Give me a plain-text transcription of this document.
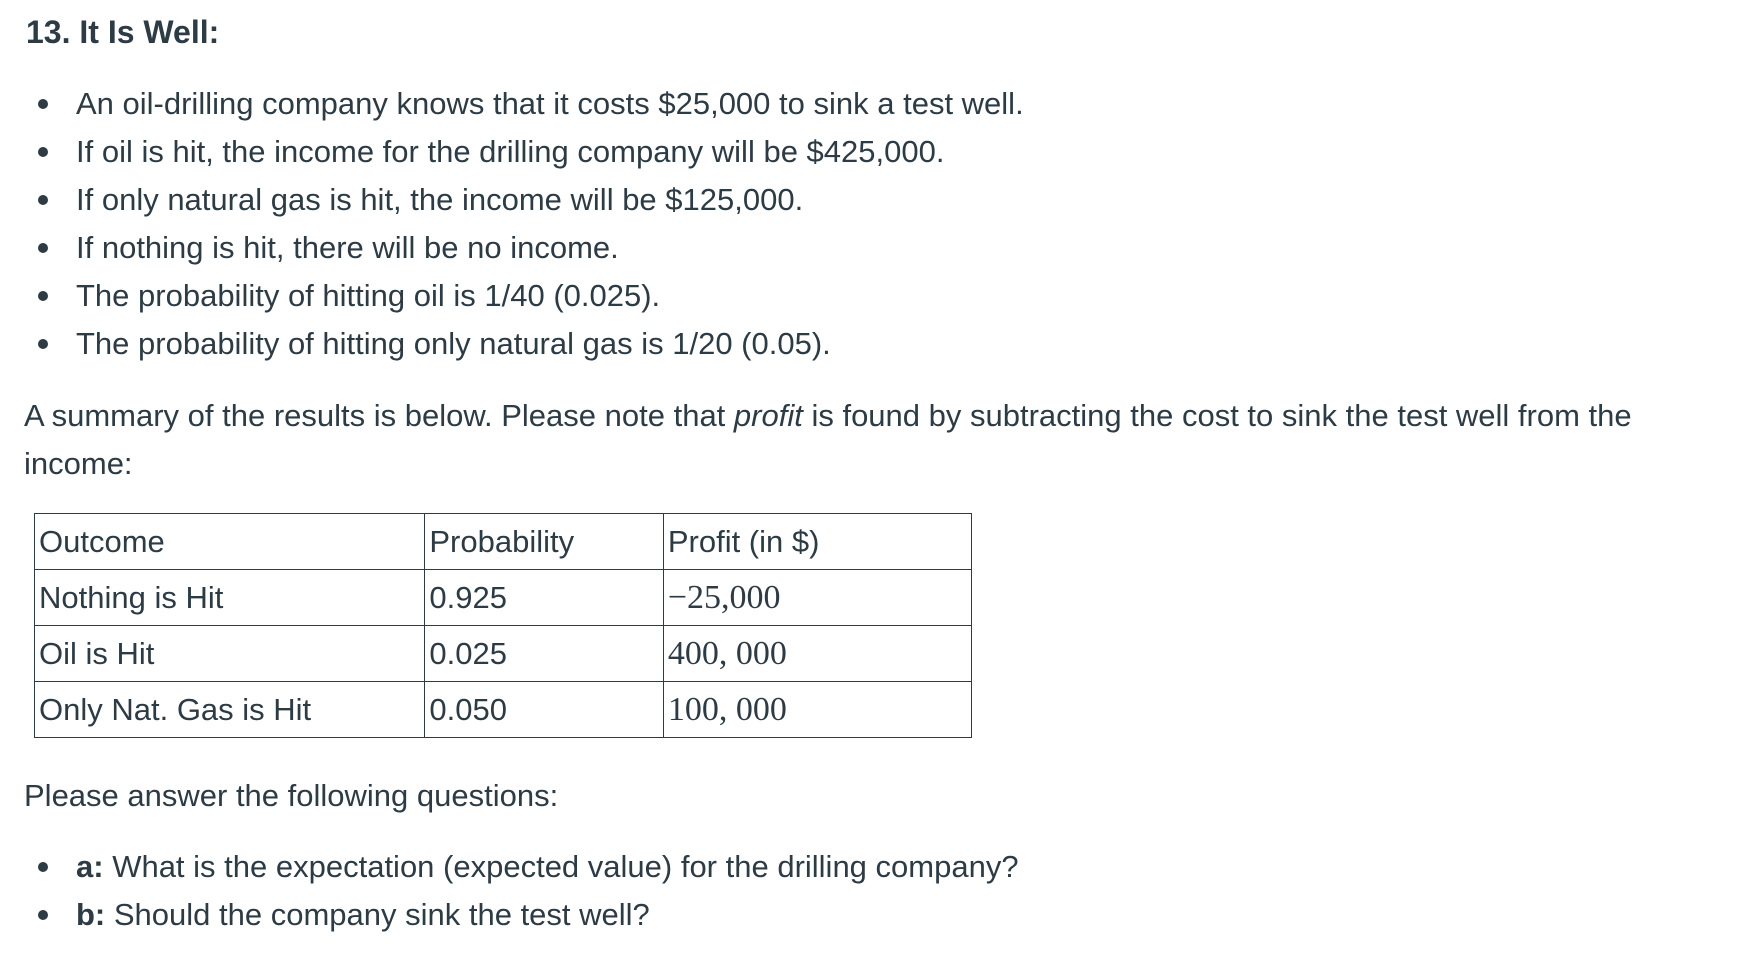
13. It Is Well:
An oil-drilling company knows that it costs $25,000 to sink a test well.
If oil is hit, the income for the drilling company will be $425,000.
If only natural gas is hit, the income will be $125,000.
If nothing is hit, there will be no income.
The probability of hitting oil is 1/40 (0.025).
The probability of hitting only natural gas is 1/20 (0.05).

A summary of the results is below. Please note that profit is found by subtracting the cost to sink the test well from the income:

Outcome	Probability	Profit (in $)
Nothing is Hit	0.925	−25,000
Oil is Hit	0.025	400, 000
Only Nat. Gas is Hit	0.050	100, 000

Please answer the following questions:

a: What is the expectation (expected value) for the drilling company?
b: Should the company sink the test well?
